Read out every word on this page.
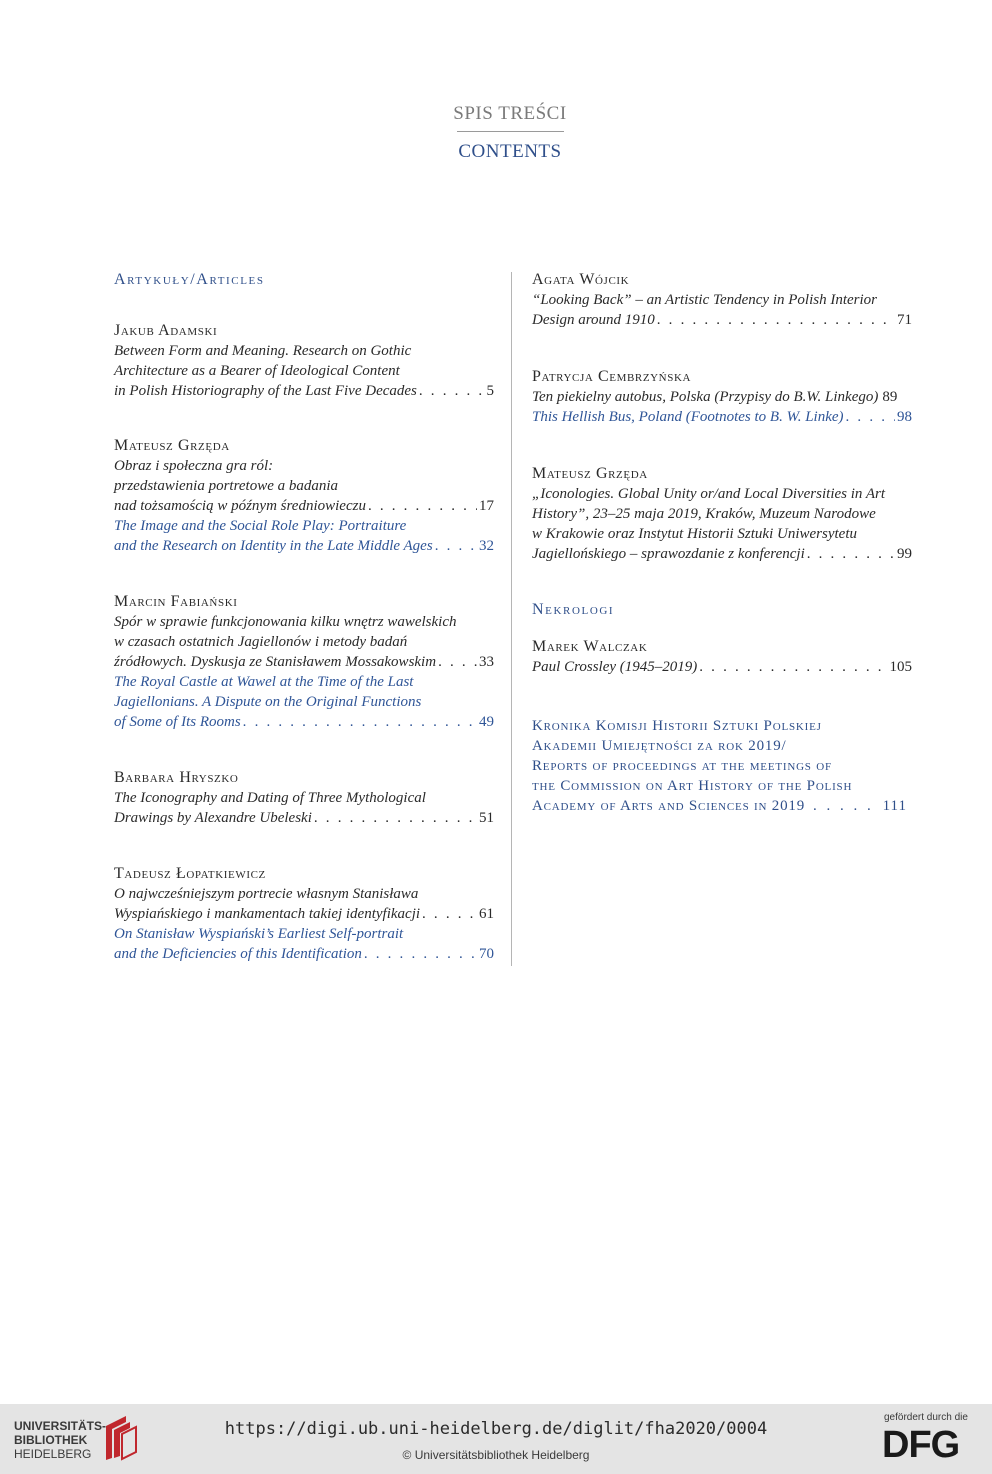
SPIS TREŚCI
CONTENTS
Artykuły/Articles
Jakub Adamski
Between Form and Meaning. Research on Gothic
Architecture as a Bearer of Ideological Content
in Polish Historiography of the Last Five Decades . . .	5
Mateusz Grzęda
Obraz i społeczna gra ról:
przedstawienia portretowe a badania
nad tożsamością w późnym średniowieczu . . .	17
The Image and the Social Role Play: Portraiture
and the Research on Identity in the Late Middle Ages . . .	32
Marcin Fabiański
Spór w sprawie funkcjonowania kilku wnętrz wawelskich
w czasach ostatnich Jagiellonów i metody badań
źródłowych. Dyskusja ze Stanisławem Mossakowskim . . .	33
The Royal Castle at Wawel at the Time of the Last
Jagiellonians. A Dispute on the Original Functions
of Some of Its Rooms . . .	49
Barbara Hryszko
The Iconography and Dating of Three Mythological
Drawings by Alexandre Ubeleski . . .	51
Tadeusz Łopatkiewicz
O najwcześniejszym portrecie własnym Stanisława
Wyspiańskiego i mankamentach takiej identyfikacji . . .	61
On Stanisław Wyspiański’s Earliest Self-portrait
and the Deficiencies of this Identification . . .	70
Agata Wójcik
“Looking Back” – an Artistic Tendency in Polish Interior
Design around 1910 . . .	71
Patrycja Cembrzyńska
Ten piekielny autobus, Polska (Przypisy do B.W. Linkego) 89
This Hellish Bus, Poland (Footnotes to B. W. Linke) . . .	98
Mateusz Grzęda
„Iconologies. Global Unity or/and Local Diversities in Art
History”, 23–25 maja 2019, Kraków, Muzeum Narodowe
w Krakowie oraz Instytut Historii Sztuki Uniwersytetu
Jagiellońskiego – sprawozdanie z konferencji . . .	99
Nekrologi
Marek Walczak
Paul Crossley (1945–2019) . . .	105
Kronika Komisji Historii Sztuki Polskiej
Akademii Umiejętności za rok 2019/
Reports of proceedings at the meetings of
the Commission on Art History of the Polish
Academy of Arts and Sciences in 2019 . . .	111
UNIVERSITÄTS-
BIBLIOTHEK
HEIDELBERG
https://digi.ub.uni-heidelberg.de/diglit/fha2020/0004
© Universitätsbibliothek Heidelberg
gefördert durch die
DFG
